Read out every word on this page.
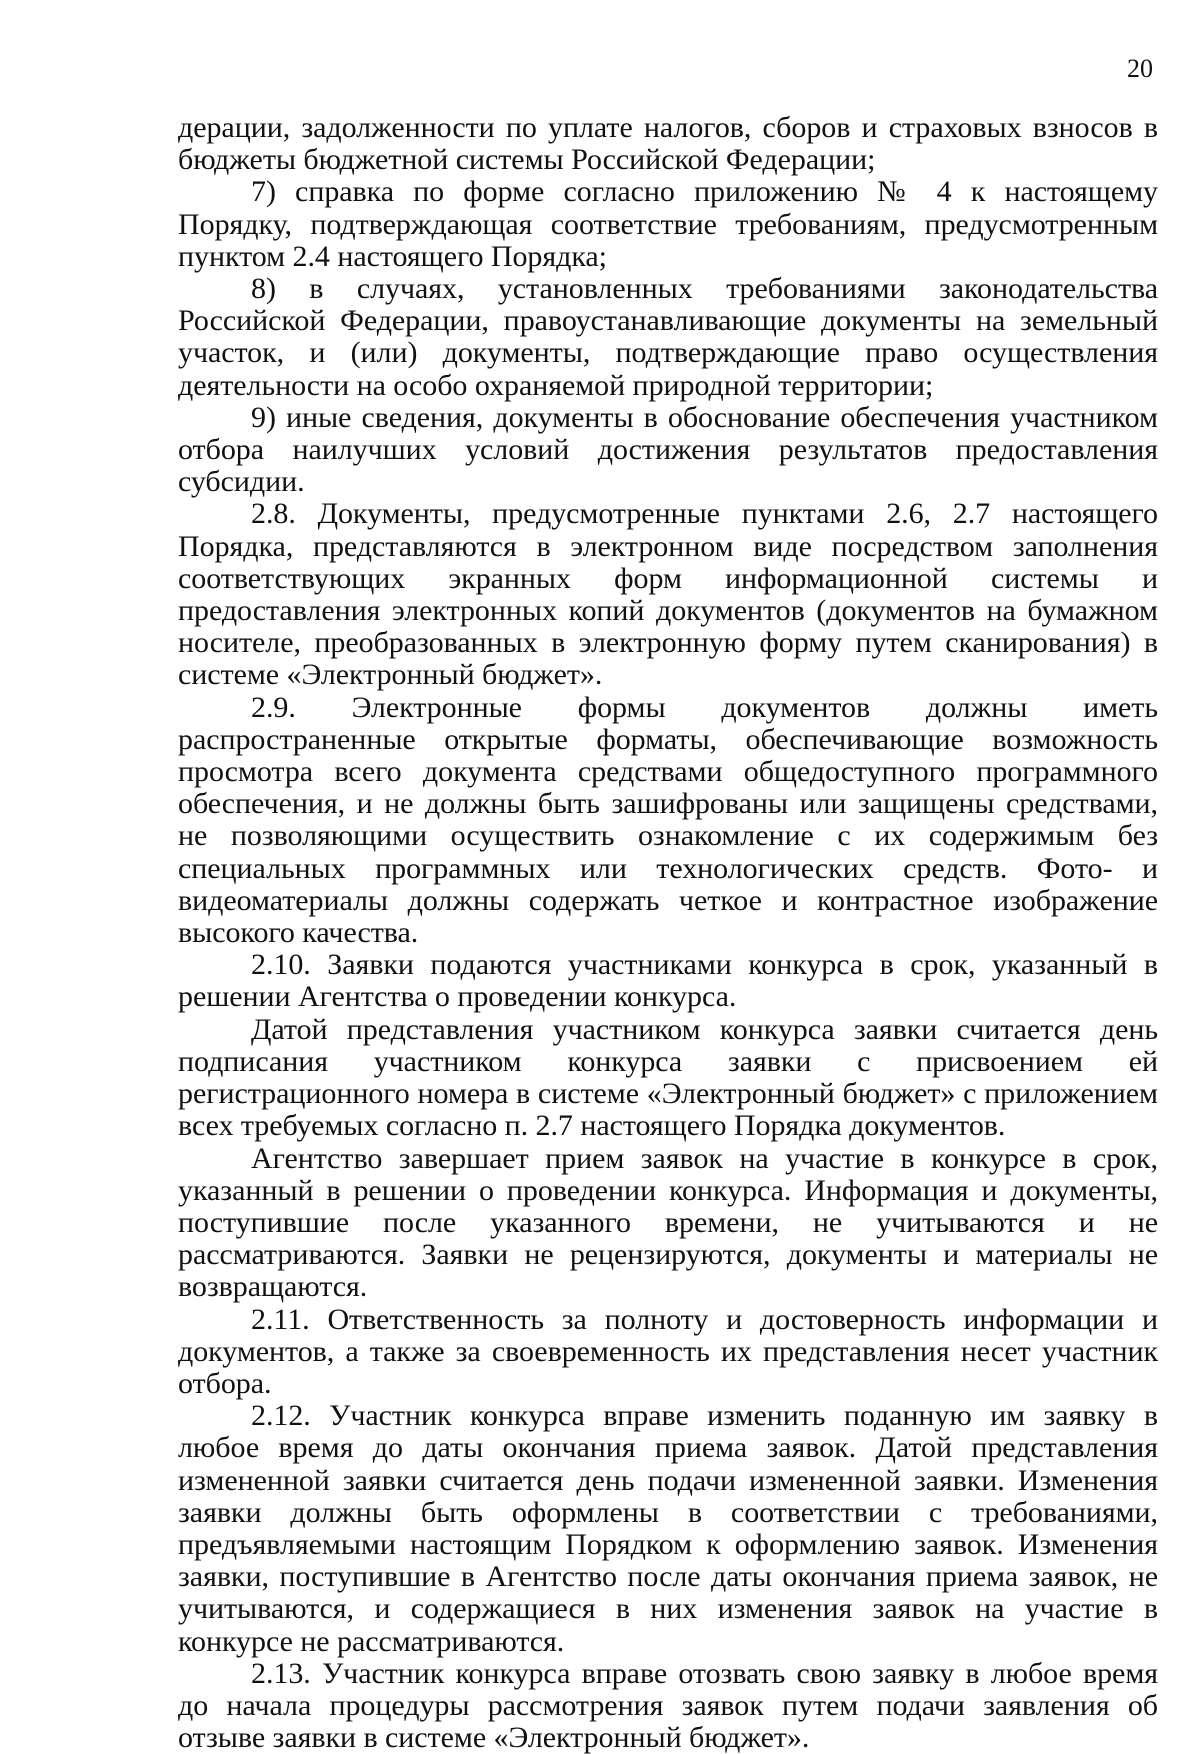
20

дерации, задолженности по уплате налогов, сборов и страховых взносов в бюджеты бюджетной системы Российской Федерации;

7) справка по форме согласно приложению № 4 к настоящему Порядку, подтверждающая соответствие требованиям, предусмотренным пунктом 2.4 настоящего Порядка;

8) в случаях, установленных требованиями законодательства Российской Федерации, правоустанавливающие документы на земельный участок, и (или) документы, подтверждающие право осуществления деятельности на особо охраняемой природной территории;

9) иные сведения, документы в обоснование обеспечения участником отбора наилучших условий достижения результатов предоставления субсидии.

2.8. Документы, предусмотренные пунктами 2.6, 2.7 настоящего Порядка, представляются в электронном виде посредством заполнения соответствующих экранных форм информационной системы и предоставления электронных копий документов (документов на бумажном носителе, преобразованных в электронную форму путем сканирования) в системе «Электронный бюджет».

2.9. Электронные формы документов должны иметь распространенные открытые форматы, обеспечивающие возможность просмотра всего документа средствами общедоступного программного обеспечения, и не должны быть зашифрованы или защищены средствами, не позволяющими осуществить ознакомление с их содержимым без специальных программных или технологических средств. Фото- и видеоматериалы должны содержать четкое и контрастное изображение высокого качества.

2.10. Заявки подаются участниками конкурса в срок, указанный в решении Агентства о проведении конкурса.

Датой представления участником конкурса заявки считается день подписания участником конкурса заявки с присвоением ей регистрационного номера в системе «Электронный бюджет» с приложением всех требуемых согласно п. 2.7 настоящего Порядка документов.

Агентство завершает прием заявок на участие в конкурсе в срок, указанный в решении о проведении конкурса. Информация и документы, поступившие после указанного времени, не учитываются и не рассматриваются. Заявки не рецензируются, документы и материалы не возвращаются.

2.11. Ответственность за полноту и достоверность информации и документов, а также за своевременность их представления несет участник отбора.

2.12. Участник конкурса вправе изменить поданную им заявку в любое время до даты окончания приема заявок. Датой представления измененной заявки считается день подачи измененной заявки. Изменения заявки должны быть оформлены в соответствии с требованиями, предъявляемыми настоящим Порядком к оформлению заявок. Изменения заявки, поступившие в Агентство после даты окончания приема заявок, не учитываются, и содержащиеся в них изменения заявок на участие в конкурсе не рассматриваются.

2.13. Участник конкурса вправе отозвать свою заявку в любое время до начала процедуры рассмотрения заявок путем подачи заявления об отзыве заявки в системе «Электронный бюджет».
